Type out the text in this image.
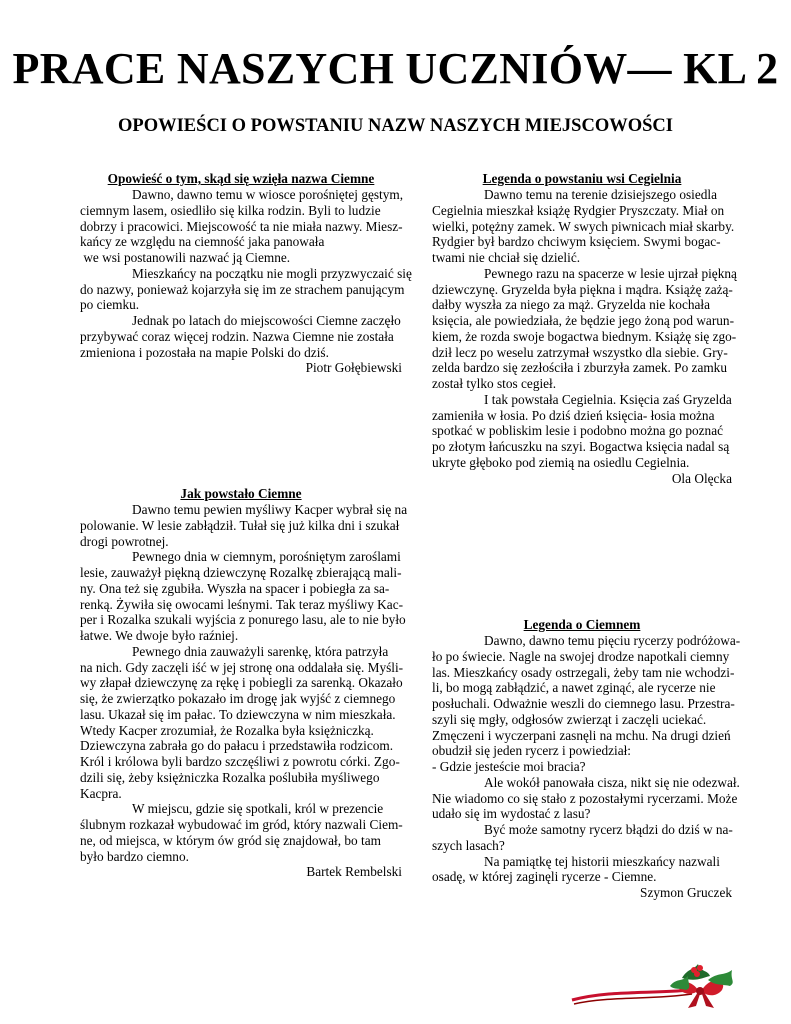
PRACE NASZYCH UCZNIÓW— KL 2
OPOWIEŚCI O POWSTANIU NAZW NASZYCH MIEJSCOWOŚCI
Opowieść o tym, skąd się wzięła nazwa Ciemne
Dawno, dawno temu w wiosce porośniętej gęstym,
ciemnym lasem, osiedliło się kilka rodzin. Byli to ludzie
dobrzy i pracowici. Miejscowość ta nie miała nazwy. Miesz-
kańcy ze względu na ciemność jaka panowała
we wsi postanowili nazwać ją Ciemne.
Mieszkańcy na początku nie mogli przyzwyczaić się
do nazwy, ponieważ kojarzyła się im ze strachem panującym
po ciemku.
Jednak po latach do miejscowości Ciemne zaczęło
przybywać coraz więcej rodzin. Nazwa Ciemne nie została
zmieniona i pozostała na mapie Polski do dziś.
Piotr Gołębiewski
Legenda o powstaniu wsi Cegielnia
Dawno temu na terenie dzisiejszego osiedla
Cegielnia mieszkał książę Rydgier Pryszczaty. Miał on
wielki, potężny zamek. W swych piwnicach miał skarby.
Rydgier był bardzo chciwym księciem. Swymi bogac-
twami nie chciał się dzielić.
Pewnego razu na spacerze w lesie ujrzał piękną
dziewczynę. Gryzelda była piękna i mądra. Książę zażą-
dałby wyszła za niego za mąż. Gryzelda nie kochała
księcia, ale powiedziała, że będzie jego żoną pod warun-
kiem, że rozda swoje bogactwa biednym. Książę się zgo-
dził lecz po weselu zatrzymał wszystko dla siebie. Gry-
zelda bardzo się zezłościła i zburzyła zamek. Po zamku
został tylko stos cegieł.
I tak powstała Cegielnia. Księcia zaś Gryzelda
zamieniła w łosia. Po dziś dzień księcia- łosia można
spotkać w pobliskim lesie i podobno można go poznać
po złotym łańcuszku na szyi. Bogactwa księcia nadal są
ukryte głęboko pod ziemią na osiedlu Cegielnia.
Ola Olęcka
Jak powstało Ciemne
Dawno temu pewien myśliwy Kacper wybrał się na
polowanie. W lesie zabłądził. Tułał się już kilka dni i szukał
drogi powrotnej.
Pewnego dnia w ciemnym, porośniętym zaroślami
lesie, zauważył piękną dziewczynę Rozalkę zbierającą mali-
ny. Ona też się zgubiła. Wyszła na spacer i pobiegła za sa-
renką. Żywiła się owocami leśnymi. Tak teraz myśliwy Kac-
per i Rozalka szukali wyjścia z ponurego lasu, ale to nie było
łatwe. We dwoje było raźniej.
Pewnego dnia zauważyli sarenkę, która patrzyła
na nich. Gdy zaczęli iść w jej stronę ona oddalała się. Myśli-
wy złapał dziewczynę za rękę i pobiegli za sarenką. Okazało
się, że zwierzątko pokazało im drogę jak wyjść z ciemnego
lasu. Ukazał się im pałac. To dziewczyna w nim mieszkała.
Wtedy Kacper zrozumiał, że Rozalka była księżniczką.
Dziewczyna zabrała go do pałacu i przedstawiła rodzicom.
Król i królowa byli bardzo szczęśliwi z powrotu córki. Zgo-
dzili się, żeby księżniczka Rozalka poślubiła myśliwego
Kacpra.
W miejscu, gdzie się spotkali, król w prezencie
ślubnym rozkazał wybudować im gród, który nazwali Ciem-
ne, od miejsca, w którym ów gród się znajdował, bo tam
było bardzo ciemno.
Bartek Rembelski
Legenda o Ciemnem
Dawno, dawno temu pięciu rycerzy podróżowa-
ło po świecie. Nagle na swojej drodze napotkali ciemny
las. Mieszkańcy osady ostrzegali, żeby tam nie wchodzi-
li, bo mogą zabłądzić, a nawet zginąć, ale rycerze nie
posłuchali. Odważnie weszli do ciemnego lasu. Przestra-
szyli się mgły, odgłosów zwierząt i zaczęli uciekać.
Zmęczeni i wyczerpani zasnęli na mchu. Na drugi dzień
obudził się jeden rycerz i powiedział:
- Gdzie jesteście moi bracia?
Ale wokół panowała cisza, nikt się nie odezwał.
Nie wiadomo co się stało z pozostałymi rycerzami. Może
udało się im wydostać z lasu?
Być może samotny rycerz błądzi do dziś w na-
szych lasach?
Na pamiątkę tej historii mieszkańcy nazwali
osadę, w której zaginęli rycerze - Ciemne.
Szymon Gruczek
